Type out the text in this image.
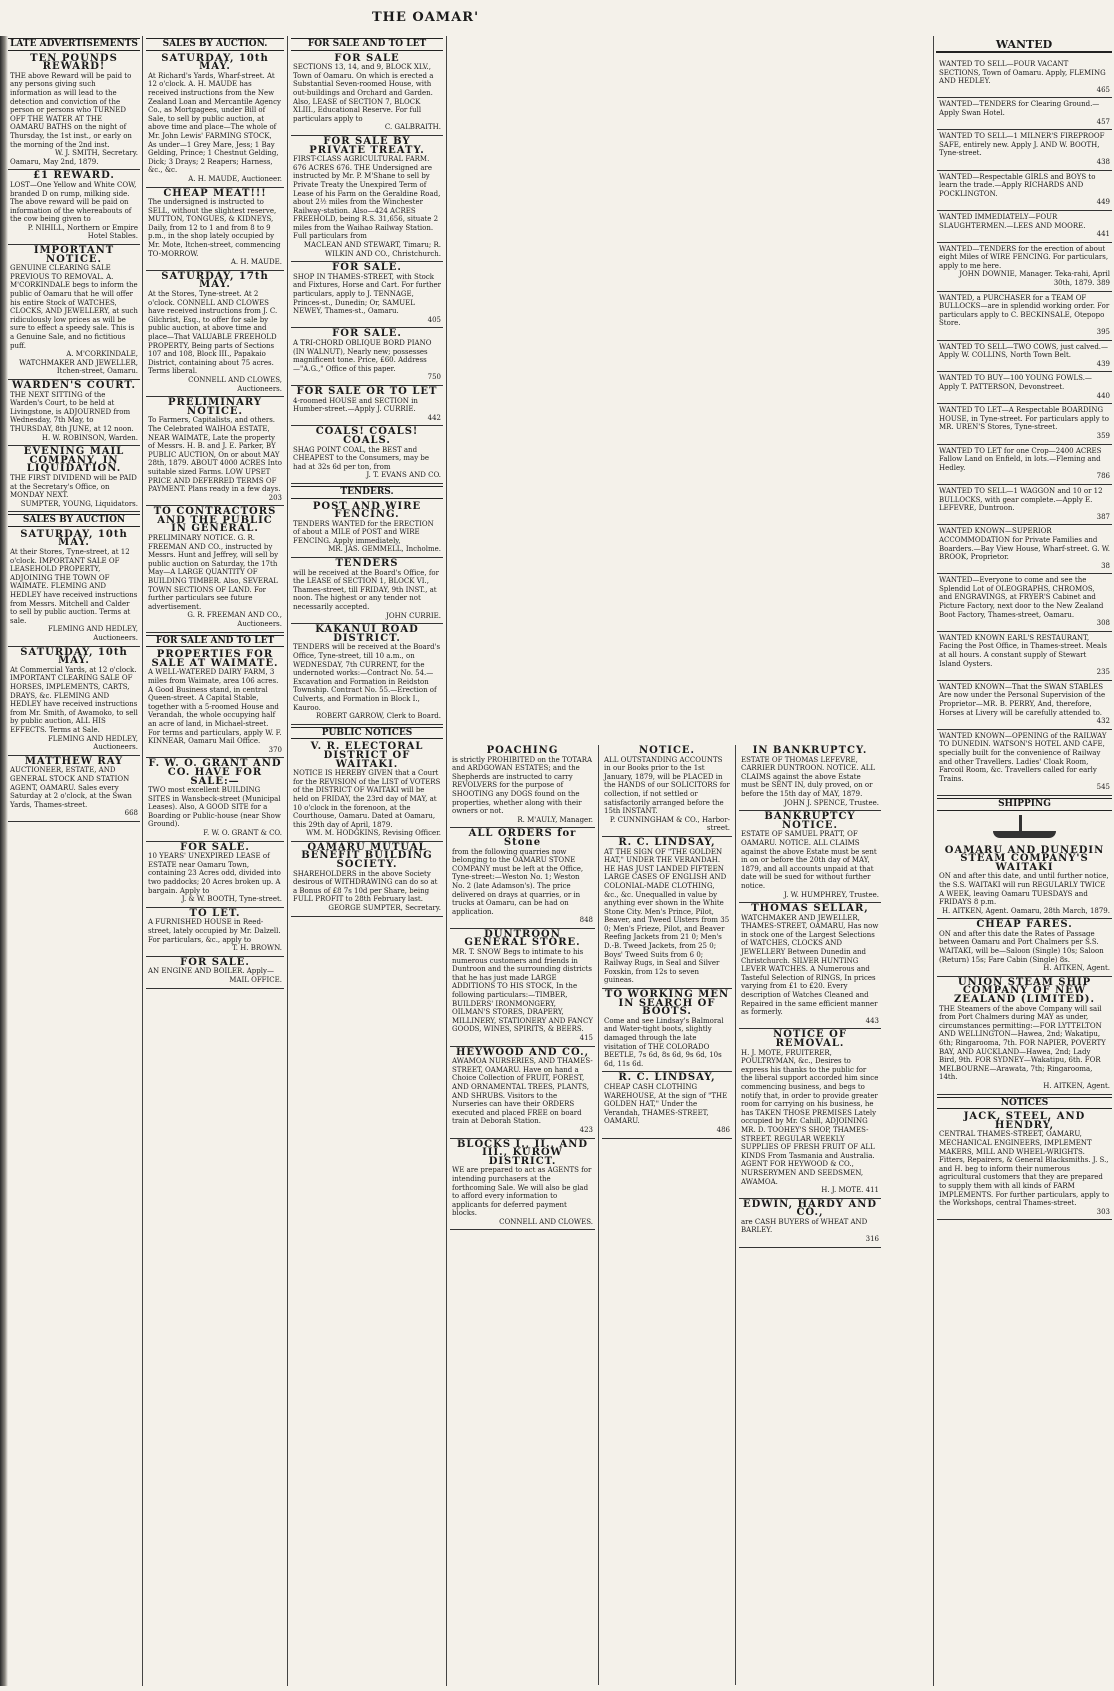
THE OAMAR'
WANTED
LATE ADVERTISEMENTS

TEN POUNDS REWARD!

THE above Reward will be paid to any persons giving such information as will lead to the detection and conviction of the person or persons who TURNED OFF THE WATER AT THE OAMARU BATHS on the night of Thursday, the 1st inst., or early on the morning of the 2nd inst.

W. J. SMITH, Secretary.

Oamaru, May 2nd, 1879.

£1 REWARD.

LOST—One Yellow and White COW, branded D on rump, milking side. The above reward will be paid on information of the whereabouts of the cow being given to

P. NIHILL, Northern or Empire Hotel Stables.

IMPORTANT NOTICE.

GENUINE CLEARING SALE PREVIOUS TO REMOVAL. A. M'CORKINDALE begs to inform the public of Oamaru that he will offer his entire Stock of WATCHES, CLOCKS, AND JEWELLERY, at such ridiculously low prices as will be sure to effect a speedy sale. This is a Genuine Sale, and no fictitious puff.

A. M'CORKINDALE, WATCHMAKER AND JEWELLER, Itchen-street, Oamaru.

WARDEN'S COURT.

THE NEXT SITTING of the Warden's Court, to be held at Livingstone, is ADJOURNED from Wednesday, 7th May, to THURSDAY, 8th JUNE, at 12 noon.

H. W. ROBINSON, Warden.

EVENING MAIL COMPANY, IN LIQUIDATION.

THE FIRST DIVIDEND will be PAID at the Secretary's Office, on MONDAY NEXT.

SUMPTER, YOUNG, Liquidators.

SALES BY AUCTION

SATURDAY, 10th MAY.

At their Stores, Tyne-street, at 12 o'clock. IMPORTANT SALE OF LEASEHOLD PROPERTY, ADJOINING THE TOWN OF WAIMATE. FLEMING AND HEDLEY have received instructions from Messrs. Mitchell and Calder to sell by public auction. Terms at sale.

FLEMING AND HEDLEY, Auctioneers.

SATURDAY, 10th MAY.

At Commercial Yards, at 12 o'clock. IMPORTANT CLEARING SALE OF HORSES, IMPLEMENTS, CARTS, DRAYS, &c. FLEMING AND HEDLEY have received instructions from Mr. Smith, of Awamoko, to sell by public auction, ALL HIS EFFECTS. Terms at Sale.

FLEMING AND HEDLEY, Auctioneers.

MATTHEW RAY

AUCTIONEER, ESTATE, AND GENERAL STOCK AND STATION AGENT, OAMARU. Sales every Saturday at 2 o'clock, at the Swan Yards, Thames-street.

668

SALES BY AUCTION.

SATURDAY, 10th MAY.

At Richard's Yards, Wharf-street. At 12 o'clock. A. H. MAUDE has received instructions from the New Zealand Loan and Mercantile Agency Co., as Mortgagees, under Bill of Sale, to sell by public auction, at above time and place—The whole of Mr. John Lewis' FARMING STOCK, As under—1 Grey Mare, Jess; 1 Bay Gelding, Prince; 1 Chestnut Gelding, Dick; 3 Drays; 2 Reapers; Harness, &c., &c.

A. H. MAUDE, Auctioneer.

CHEAP MEAT!!!

The undersigned is instructed to SELL, without the slightest reserve, MUTTON, TONGUES, & KIDNEYS, Daily, from 12 to 1 and from 8 to 9 p.m., in the shop lately occupied by Mr. Mote, Itchen-street, commencing TO-MORROW.

A. H. MAUDE.

SATURDAY, 17th MAY.

At the Stores, Tyne-street. At 2 o'clock. CONNELL AND CLOWES have received instructions from J. C. Gilchrist, Esq., to offer for sale by public auction, at above time and place—That VALUABLE FREEHOLD PROPERTY, Being parts of Sections 107 and 108, Block III., Papakaio District, containing about 75 acres. Terms liberal.

CONNELL AND CLOWES, Auctioneers.

PRELIMINARY NOTICE.

To Farmers, Capitalists, and others. The Celebrated WAIHOA ESTATE, NEAR WAIMATE, Late the property of Messrs. H. B. and J. E. Parker, BY PUBLIC AUCTION, On or about MAY 28th, 1879. ABOUT 4000 ACRES Into suitable sized Farms. LOW UPSET PRICE AND DEFERRED TERMS OF PAYMENT. Plans ready in a few days.

203

TO CONTRACTORS AND THE PUBLIC IN GENERAL.

PRELIMINARY NOTICE. G. R. FREEMAN AND CO., instructed by Messrs. Hunt and Jeffrey, will sell by public auction on Saturday, the 17th May—A LARGE QUANTITY OF BUILDING TIMBER. Also, SEVERAL TOWN SECTIONS OF LAND. For further particulars see future advertisement.

G. R. FREEMAN AND CO., Auctioneers.

FOR SALE AND TO LET

PROPERTIES FOR SALE AT WAIMATE.

A WELL-WATERED DAIRY FARM, 3 miles from Waimate, area 106 acres. A Good Business stand, in central Queen-street. A Capital Stable, together with a 5-roomed House and Verandah, the whole occupying half an acre of land, in Michael-street. For terms and particulars, apply W. F. KINNEAR, Oamaru Mail Office.

370

F. W. O. GRANT AND CO. HAVE FOR SALE:—

TWO most excellent BUILDING SITES in Wansbeck-street (Municipal Leases). Also, A GOOD SITE for a Boarding or Public-house (near Show Ground).

F. W. O. GRANT & CO.

FOR SALE.

10 YEARS' UNEXPIRED LEASE of ESTATE near Oamaru Town, containing 23 Acres odd, divided into two paddocks; 20 Acres broken up. A bargain. Apply to

J. & W. BOOTH, Tyne-street.

TO LET.

A FURNISHED HOUSE in Reed-street, lately occupied by Mr. Dalzell. For particulars, &c., apply to

T. H. BROWN.

FOR SALE.

AN ENGINE AND BOILER. Apply—

MAIL OFFICE.

FOR SALE AND TO LET

FOR SALE

SECTIONS 13, 14, and 9, BLOCK XLV., Town of Oamaru. On which is erected a Substantial Seven-roomed House, with out-buildings and Orchard and Garden. Also, LEASE of SECTION 7, BLOCK XLIII., Educational Reserve. For full particulars apply to

C. GALBRAITH.

FOR SALE BY PRIVATE TREATY.

FIRST-CLASS AGRICULTURAL FARM. 676 ACRES 676. THE Undersigned are instructed by Mr. P. M'Shane to sell by Private Treaty the Unexpired Term of Lease of his Farm on the Geraldine Road, about 2½ miles from the Winchester Railway-station. Also—424 ACRES FREEHOLD, being R.S. 31,656, situate 2 miles from the Waihao Railway Station. Full particulars from

MACLEAN AND STEWART, Timaru; R. WILKIN AND CO., Christchurch.

FOR SALE.

SHOP IN THAMES-STREET, with Stock and Fixtures, Horse and Cart. For further particulars, apply to J. TENNAGE, Princes-st., Dunedin; Or, SAMUEL NEWEY, Thames-st., Oamaru.

405

FOR SALE.

A TRI-CHORD OBLIQUE BORD PIANO (IN WALNUT), Nearly new; possesses magnificent tone. Price, £60. Address—"A.G.," Office of this paper.

750

FOR SALE OR TO LET

4-roomed HOUSE and SECTION in Humber-street.—Apply J. CURRIE.

442

COALS! COALS! COALS.

SHAG POINT COAL, the BEST and CHEAPEST to the Consumers, may be had at 32s 6d per ton, from

J. T. EVANS AND CO.

TENDERS.

POST AND WIRE FENCING.

TENDERS WANTED for the ERECTION of about a MILE of POST and WIRE FENCING. Apply immediately,

MR. JAS. GEMMELL, Incholme.

TENDERS

will be received at the Board's Office, for the LEASE of SECTION 1, BLOCK VI., Thames-street, till FRIDAY, 9th INST., at noon. The highest or any tender not necessarily accepted.

JOHN CURRIE.

KAKANUI ROAD DISTRICT.

TENDERS will be received at the Board's Office, Tyne-street, till 10 a.m., on WEDNESDAY, 7th CURRENT, for the undernoted works:—Contract No. 54.—Excavation and Formation in Reidston Township. Contract No. 55.—Erection of Culverts, and Formation in Block I., Kauroo.

ROBERT GARROW, Clerk to Board.

PUBLIC NOTICES

V. R. ELECTORAL DISTRICT OF WAITAKI.

NOTICE IS HEREBY GIVEN that a Court for the REVISION of the LIST of VOTERS of the DISTRICT OF WAITAKI will be held on FRIDAY, the 23rd day of MAY, at 10 o'clock in the forenoon, at the Courthouse, Oamaru. Dated at Oamaru, this 29th day of April, 1879.

WM. M. HODGKINS, Revising Officer.

OAMARU MUTUAL BENEFIT BUILDING SOCIETY.

SHAREHOLDERS in the above Society desirous of WITHDRAWING can do so at a Bonus of £8 7s 10d per Share, being FULL PROFIT to 28th February last.

GEORGE SUMPTER, Secretary.

POACHING

is strictly PROHIBITED on the TOTARA and ARDGOWAN ESTATES; and the Shepherds are instructed to carry REVOLVERS for the purpose of SHOOTING any DOGS found on the properties, whether along with their owners or not.

R. M'AULY, Manager.

ALL ORDERS for Stone

from the following quarries now belonging to the OAMARU STONE COMPANY must be left at the Office, Tyne-street:—Weston No. 1; Weston No. 2 (late Adamson's). The price delivered on drays at quarries, or in trucks at Oamaru, can be had on application.

848

DUNTROON GENERAL STORE.

MR. T. SNOW Begs to intimate to his numerous customers and friends in Duntroon and the surrounding districts that he has just made LARGE ADDITIONS TO HIS STOCK, In the following particulars:—TIMBER, BUILDERS' IRONMONGERY, OILMAN'S STORES, DRAPERY, MILLINERY, STATIONERY AND FANCY GOODS, WINES, SPIRITS, & BEERS.

415

HEYWOOD AND CO.,

AWAMOA NURSERIES, AND THAMES-STREET, OAMARU. Have on hand a Choice Collection of FRUIT, FOREST, AND ORNAMENTAL TREES, PLANTS, AND SHRUBS. Visitors to the Nurseries can have their ORDERS executed and placed FREE on board train at Deborah Station.

423

BLOCKS I., II., AND III., KUROW DISTRICT.

WE are prepared to act as AGENTS for intending purchasers at the forthcoming Sale. We will also be glad to afford every information to applicants for deferred payment blocks.

CONNELL AND CLOWES.

NOTICE.

ALL OUTSTANDING ACCOUNTS in our Books prior to the 1st January, 1879, will be PLACED in the HANDS of our SOLICITORS for collection, if not settled or satisfactorily arranged before the 15th INSTANT.

P. CUNNINGHAM & CO., Harbor-street.

R. C. LINDSAY,

AT THE SIGN OF "THE GOLDEN HAT," UNDER THE VERANDAH. HE HAS JUST LANDED FIFTEEN LARGE CASES OF ENGLISH AND COLONIAL-MADE CLOTHING, &c., &c. Unequalled in value by anything ever shown in the White Stone City. Men's Prince, Pilot, Beaver, and Tweed Ulsters from 35 0; Men's Frieze, Pilot, and Beaver Reefing Jackets from 21 0; Men's D.-B. Tweed Jackets, from 25 0; Boys' Tweed Suits from 6 0; Railway Rugs, in Seal and Silver Foxskin, from 12s to seven guineas.

TO WORKING MEN IN SEARCH OF BOOTS.

Come and see Lindsay's Balmoral and Water-tight boots, slightly damaged through the late visitation of THE COLORADO BEETLE, 7s 6d, 8s 6d, 9s 6d, 10s 6d, 11s 6d.

R. C. LINDSAY,

CHEAP CASH CLOTHING WAREHOUSE, At the sign of "THE GOLDEN HAT," Under the Verandah, THAMES-STREET, OAMARU.

486

IN BANKRUPTCY.

ESTATE OF THOMAS LEFEVRE, CARRIER DUNTROON. NOTICE. ALL CLAIMS against the above Estate must be SENT IN, duly proved, on or before the 15th day of MAY, 1879.

JOHN J. SPENCE, Trustee.

BANKRUPTCY NOTICE.

ESTATE OF SAMUEL PRATT, OF OAMARU. NOTICE. ALL CLAIMS against the above Estate must be sent in on or before the 20th day of MAY, 1879, and all accounts unpaid at that date will be sued for without further notice.

J. W. HUMPHREY, Trustee.

THOMAS SELLAR,

WATCHMAKER AND JEWELLER, THAMES-STREET, OAMARU, Has now in stock one of the Largest Selections of WATCHES, CLOCKS AND JEWELLERY Between Dunedin and Christchurch. SILVER HUNTING LEVER WATCHES. A Numerous and Tasteful Selection of RINGS, In prices varying from £1 to £20. Every description of Watches Cleaned and Repaired in the same efficient manner as formerly.

443

NOTICE OF REMOVAL.

H. J. MOTE, FRUITERER, POULTRYMAN, &c., Desires to express his thanks to the public for the liberal support accorded him since commencing business, and begs to notify that, in order to provide greater room for carrying on his business, he has TAKEN THOSE PREMISES Lately occupied by Mr. Cahill, ADJOINING MR. D. TOOHEY'S SHOP, THAMES-STREET. REGULAR WEEKLY SUPPLIES OF FRESH FRUIT OF ALL KINDS From Tasmania and Australia. AGENT FOR HEYWOOD & CO., NURSERYMEN AND SEEDSMEN, AWAMOA.

H. J. MOTE. 411

EDWIN, HARDY AND CO.,

are CASH BUYERS of WHEAT AND BARLEY.

316

WANTED TO SELL—FOUR VACANT SECTIONS, Town of Oamaru. Apply, FLEMING AND HEDLEY.

465

WANTED—TENDERS for Clearing Ground.—Apply Swan Hotel.

457

WANTED TO SELL—1 MILNER'S FIREPROOF SAFE, entirely new. Apply J. AND W. BOOTH, Tyne-street.

438

WANTED—Respectable GIRLS and BOYS to learn the trade.—Apply RICHARDS AND POCKLINGTON.

449

WANTED IMMEDIATELY—FOUR SLAUGHTERMEN.—LEES AND MOORE.

441

WANTED—TENDERS for the erection of about eight Miles of WIRE FENCING. For particulars, apply to me here.

JOHN DOWNIE, Manager. Teka-rahi, April 30th, 1879. 389

WANTED, a PURCHASER for a TEAM OF BULLOCKS—are in splendid working order. For particulars apply to C. BECKINSALE, Otepopo Store.

395

WANTED TO SELL—TWO COWS, just calved.—Apply W. COLLINS, North Town Belt.

439

WANTED TO BUY—100 YOUNG FOWLS.—Apply T. PATTERSON, Devonstreet.

440

WANTED TO LET—A Respectable BOARDING HOUSE, in Tyne-street. For particulars apply to MR. UREN'S Stores, Tyne-street.

359

WANTED TO LET for one Crop—2400 ACRES Fallow Land on Enfield, in lots.—Fleming and Hedley.

786

WANTED TO SELL—1 WAGGON and 10 or 12 BULLOCKS, with gear complete.—Apply E. LEFEVRE, Duntroon.

387

WANTED KNOWN—SUPERIOR ACCOMMODATION for Private Families and Boarders.—Bay View House, Wharf-street. G. W. BROOK, Proprietor.

38

WANTED—Everyone to come and see the Splendid Lot of OLEOGRAPHS, CHROMOS, and ENGRAVINGS, at FRYER'S Cabinet and Picture Factory, next door to the New Zealand Boot Factory, Thames-street, Oamaru.

308

WANTED KNOWN EARL'S RESTAURANT, Facing the Post Office, in Thames-street. Meals at all hours. A constant supply of Stewart Island Oysters.

235

WANTED KNOWN—That the SWAN STABLES Are now under the Personal Supervision of the Proprietor—MR. B. PERRY, And, therefore, Horses at Livery will be carefully attended to.

432

WANTED KNOWN—OPENING of the RAILWAY TO DUNEDIN. WATSON'S HOTEL AND CAFE, specially built for the convenience of Railway and other Travellers. Ladies' Cloak Room, Farcoil Room, &c. Travellers called for early Trains.

545

SHIPPING

OAMARU AND DUNEDIN STEAM COMPANY'S WAITAKI

ON and after this date, and until further notice, the S.S. WAITAKI will run REGULARLY TWICE A WEEK, leaving Oamaru TUESDAYS and FRIDAYS 8 p.m.

H. AITKEN, Agent. Oamaru, 28th March, 1879.

CHEAP FARES.

ON and after this date the Rates of Passage between Oamaru and Port Chalmers per S.S. WAITAKI, will be—Saloon (Single) 10s; Saloon (Return) 15s; Fare Cabin (Single) 8s.

H. AITKEN, Agent.

UNION STEAM SHIP COMPANY OF NEW ZEALAND (LIMITED).

THE Steamers of the above Company will sail from Port Chalmers during MAY as under, circumstances permitting:—FOR LYTTELTON AND WELLINGTON—Hawea, 2nd; Wakatipu, 6th; Ringarooma, 7th. FOR NAPIER, POVERTY BAY, AND AUCKLAND—Hawea, 2nd; Lady Bird, 9th. FOR SYDNEY—Wakatipu, 6th. FOR MELBOURNE—Arawata, 7th; Ringarooma, 14th.

H. AITKEN, Agent.

NOTICES

JACK, STEEL, AND HENDRY,

CENTRAL THAMES-STREET, OAMARU, MECHANICAL ENGINEERS, IMPLEMENT MAKERS, MILL AND WHEEL-WRIGHTS. Fitters, Repairers, & General Blacksmiths. J. S., and H. beg to inform their numerous agricultural customers that they are prepared to supply them with all kinds of FARM IMPLEMENTS. For further particulars, apply to the Workshops, central Thames-street.

303
